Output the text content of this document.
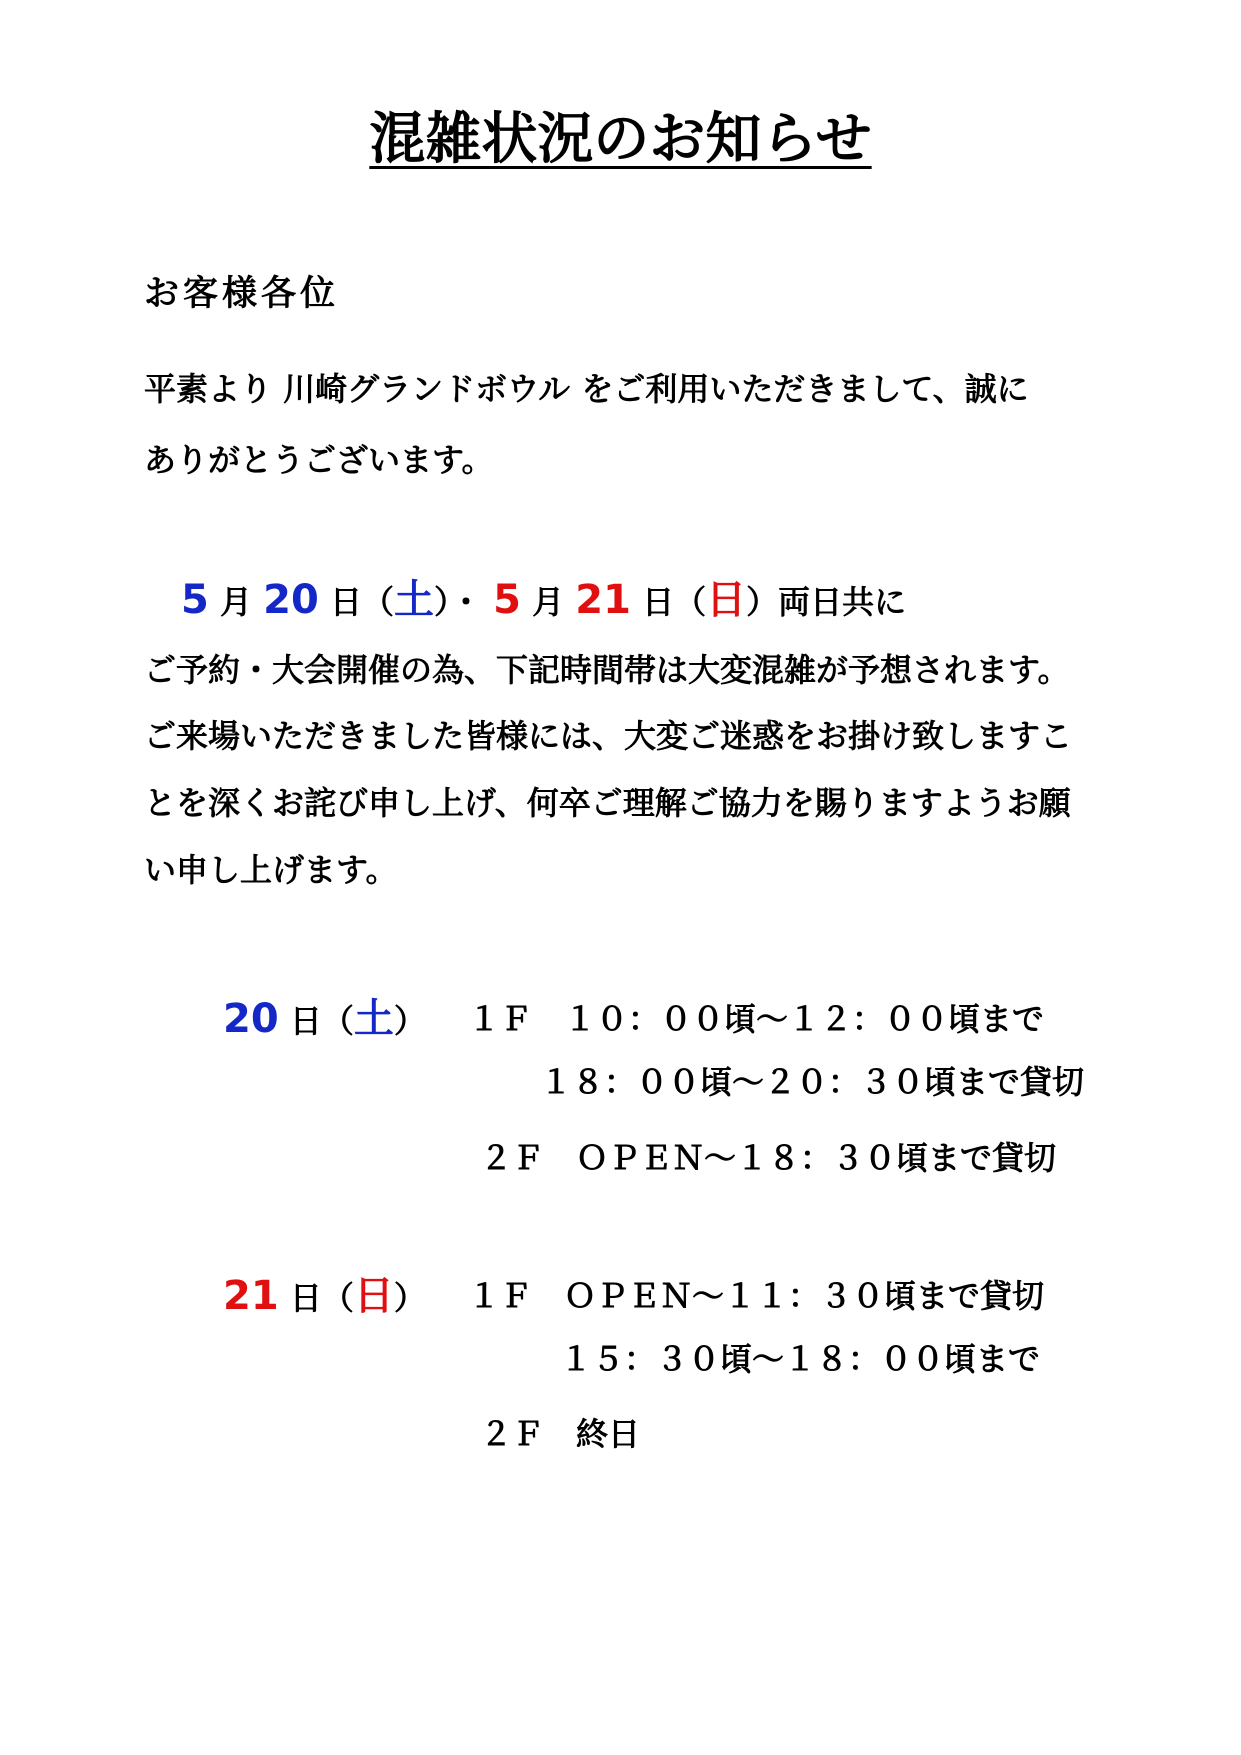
混雑状況のお知らせ
お客様各位
平素より 川崎グランドボウル をご利用いただきまして、誠に
ありがとうございます。
5 月 20 日（土）・ 5 月 21 日（日）両日共に
ご予約・大会開催の為、下記時間帯は大変混雑が予想されます。
ご来場いただきました皆様には、大変ご迷惑をお掛け致しますこ
とを深くお詫び申し上げ、何卒ご理解ご協力を賜りますようお願
い申し上げます。
20 日（土） １Ｆ　１０：００頃～１２：００頃まで
１８：００頃～２０：３０頃まで貸切
２Ｆ　ＯＰＥＮ～１８：３０頃まで貸切
21 日（日） １Ｆ　ＯＰＥＮ～１１：３０頃まで貸切
１５：３０頃～１８：００頃まで
２Ｆ　終日
